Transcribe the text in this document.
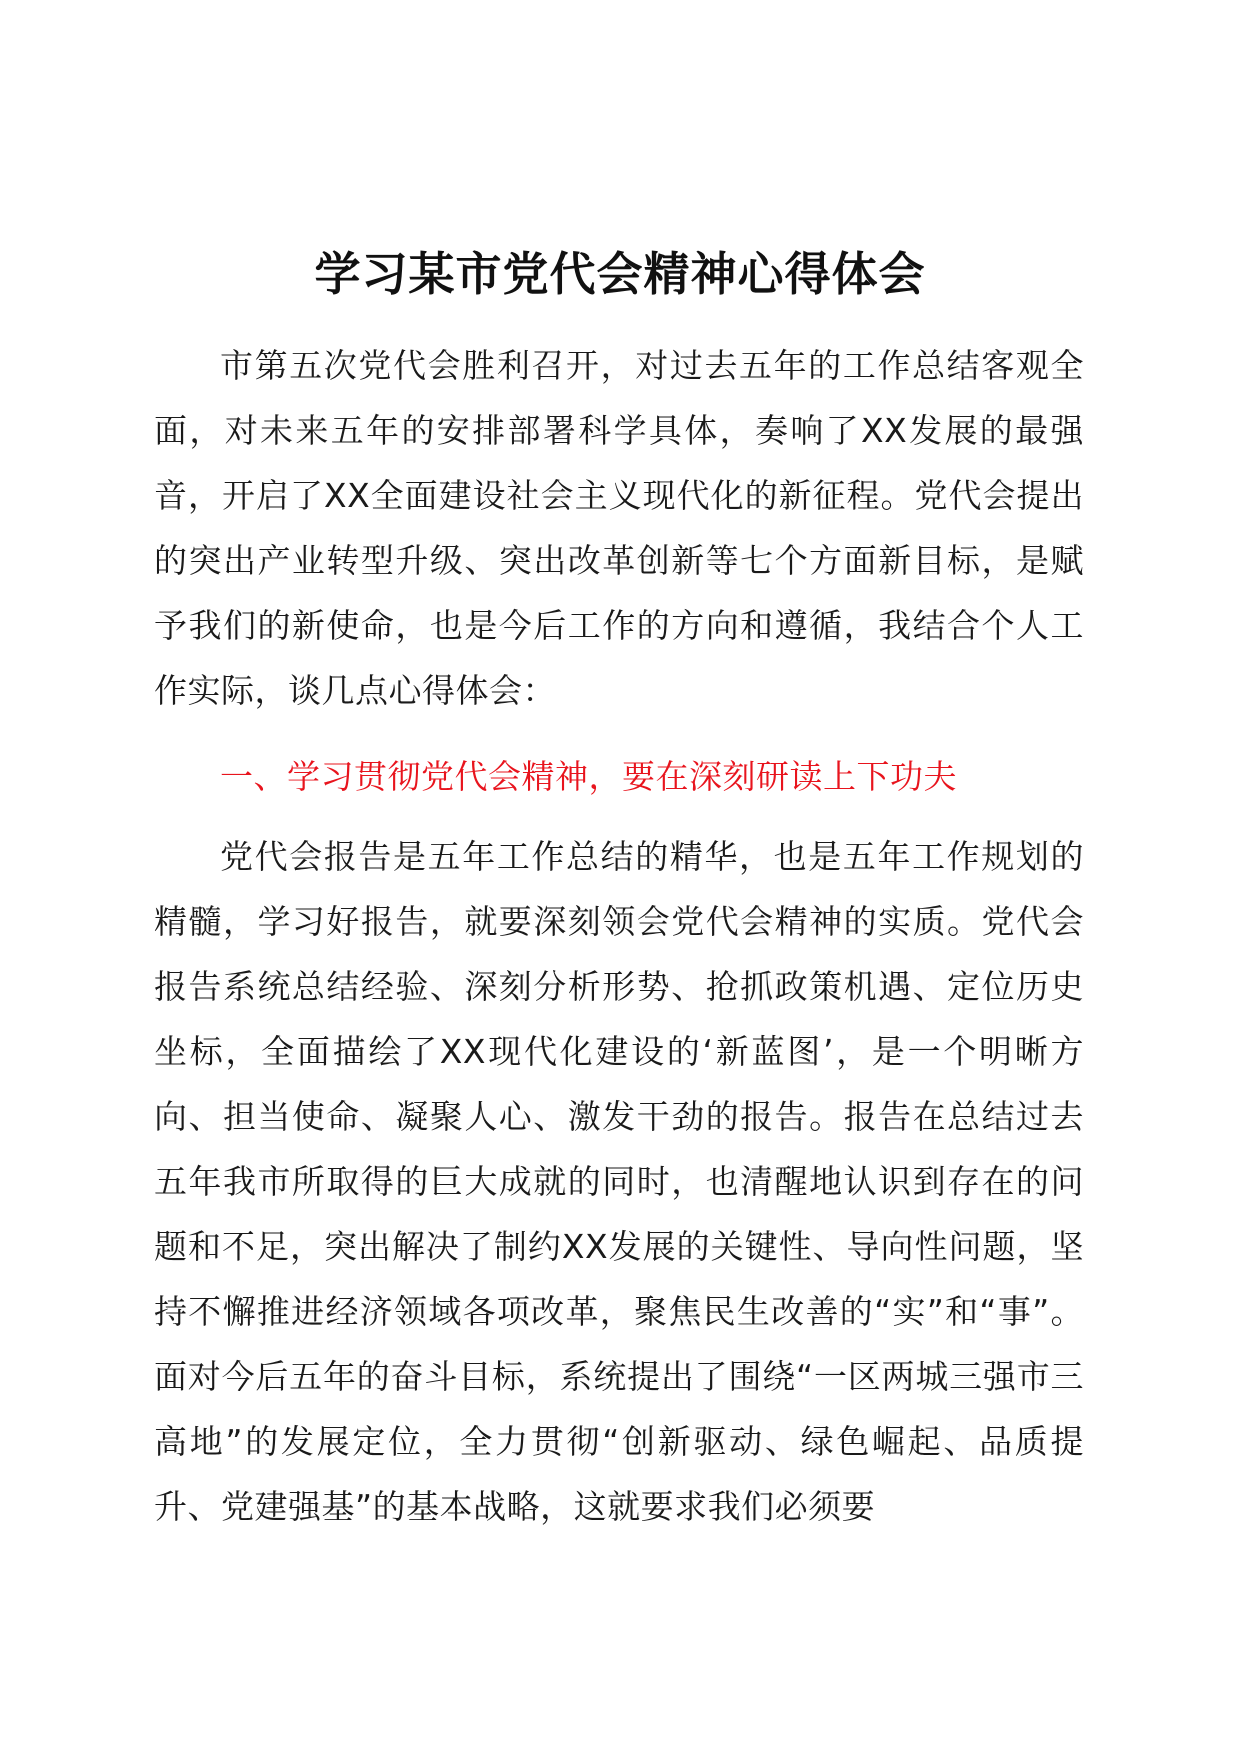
学习某市党代会精神心得体会

市第五次党代会胜利召开，对过去五年的工作总结客观全面，对未来五年的安排部署科学具体，奏响了XX发展的最强音，开启了XX全面建设社会主义现代化的新征程。党代会提出的突出产业转型升级、突出改革创新等七个方面新目标，是赋予我们的新使命，也是今后工作的方向和遵循，我结合个人工作实际，谈几点心得体会：

一、学习贯彻党代会精神，要在深刻研读上下功夫

党代会报告是五年工作总结的精华，也是五年工作规划的精髓，学习好报告，就要深刻领会党代会精神的实质。党代会报告系统总结经验、深刻分析形势、抢抓政策机遇、定位历史坐标，全面描绘了XX现代化建设的‘新蓝图’，是一个明晰方向、担当使命、凝聚人心、激发干劲的报告。报告在总结过去五年我市所取得的巨大成就的同时，也清醒地认识到存在的问题和不足，突出解决了制约XX发展的关键性、导向性问题，坚持不懈推进经济领域各项改革，聚焦民生改善的“实”和“事”。面对今后五年的奋斗目标，系统提出了围绕“一区两城三强市三高地”的发展定位，全力贯彻“创新驱动、绿色崛起、品质提升、党建强基”的基本战略，这就要求我们必须要
